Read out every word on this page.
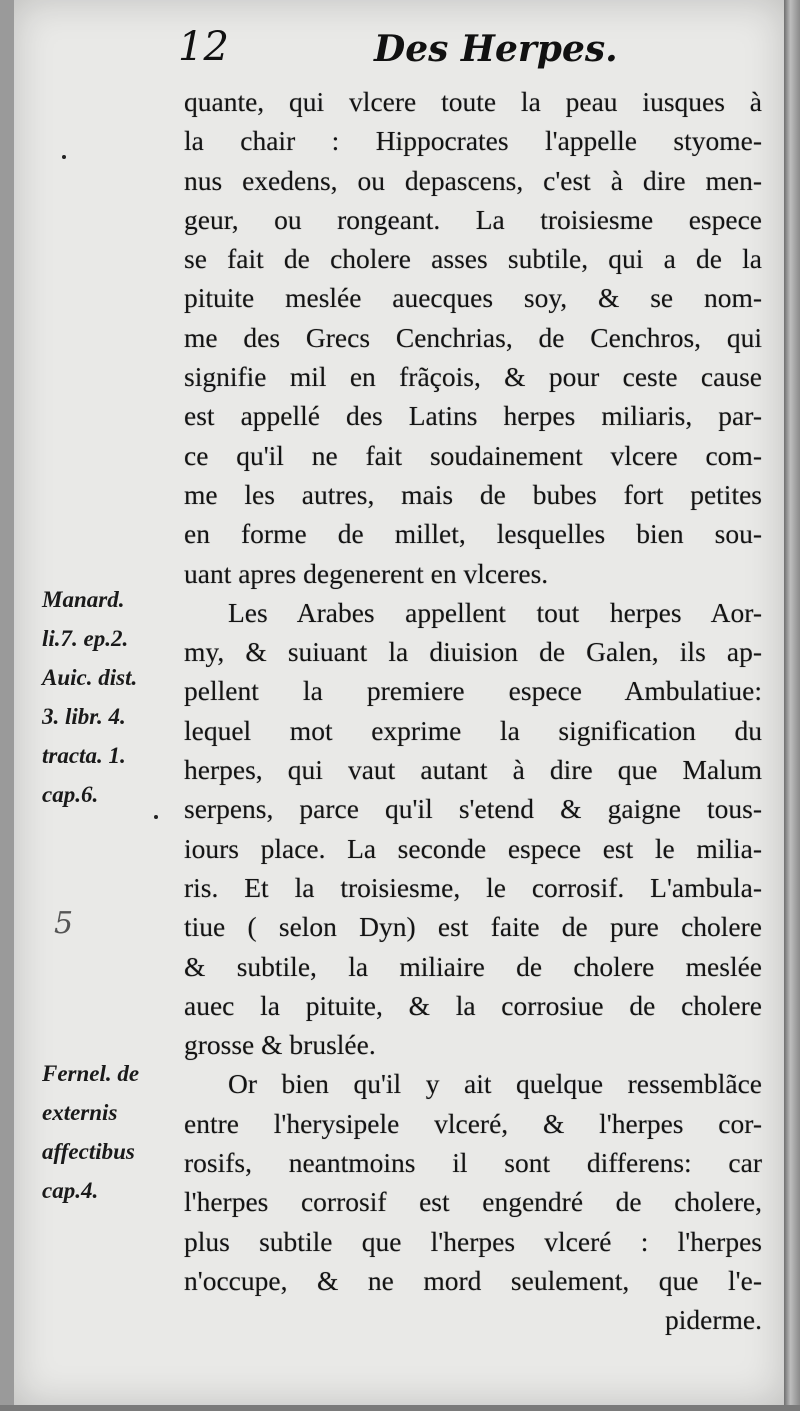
12	Des Herpes.
quante, qui vlcere toute la peau iusques à
la chair : Hippocrates l'appelle styome-
nus exedens, ou depascens, c'est à dire men-
geur, ou rongeant. La troisiesme espece
se fait de cholere asses subtile, qui a de la
pituite meslée auecques soy, & se nom-
me des Grecs Cenchrias, de Cenchros, qui
signifie mil en frãçois, & pour ceste cause
est appellé des Latins herpes miliaris, par-
ce qu'il ne fait soudainement vlcere com-
me les autres, mais de bubes fort petites
en forme de millet, lesquelles bien sou-
uant apres degenerent en vlceres.
Les Arabes appellent tout herpes Aor-
my, & suiuant la diuision de Galen, ils ap-
pellent la premiere espece Ambulatiue:
lequel mot exprime la signification du
herpes, qui vaut autant à dire que Malum
serpens, parce qu'il s'etend & gaigne tous-
iours place. La seconde espece est le milia-
ris. Et la troisiesme, le corrosif. L'ambula-
tiue ( selon Dyn) est faite de pure cholere
& subtile, la miliaire de cholere meslée
auec la pituite, & la corrosiue de cholere
grosse & bruslée.
Or bien qu'il y ait quelque ressemblãce
entre l'herysipele vlceré, & l'herpes cor-
rosifs, neantmoins il sont differens: car
l'herpes corrosif est engendré de cholere,
plus subtile que l'herpes vlceré : l'herpes
n'occupe, & ne mord seulement, que l'e-
piderme.
Manard.
li.7. ep.2.
Auic. dist.
3. libr. 4.
tracta. 1.
cap.6.
Fernel. de
externis
affectibus
cap.4.
5
